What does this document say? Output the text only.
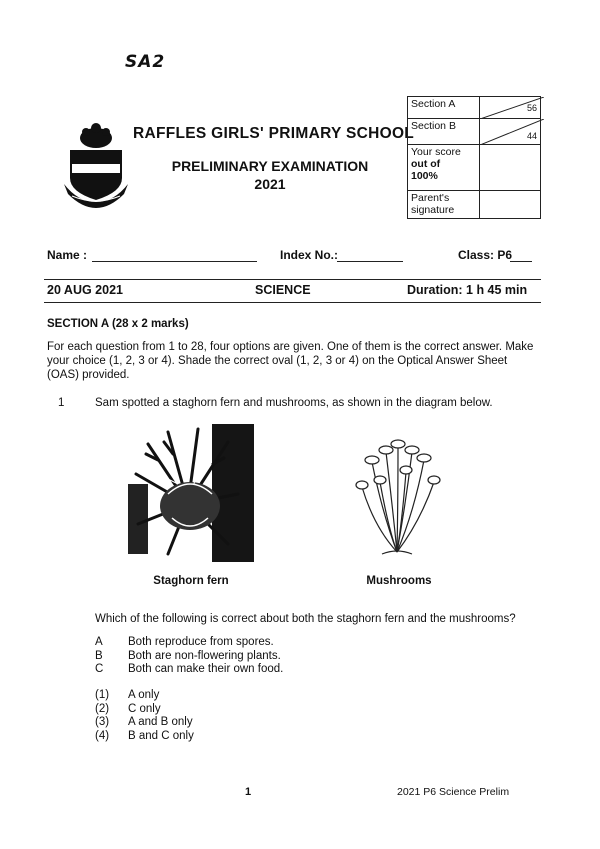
SA2
RAFFLES GIRLS' PRIMARY SCHOOL
PRELIMINARY EXAMINATION
2021
Section A	56

Section B	44

Your score
out of
100%	

Parent's
signature	

Name :	Index No.:	Class: P6
20 AUG 2021	SCIENCE	Duration: 1 h 45 min
SECTION A (28 x 2 marks)
For each question from 1 to 28, four options are given. One of them is the correct answer. Make your choice (1, 2, 3 or 4). Shade the correct oval (1, 2, 3 or 4) on the Optical Answer Sheet (OAS) provided.
1	Sam spotted a staghorn fern and mushrooms, as shown in the diagram below.
Staghorn fern	Mushrooms
Which of the following is correct about both the staghorn fern and the mushrooms?
A Both reproduce from spores.
B Both are non-flowering plants.
C Both can make their own food.
(1) A only
(2) C only
(3) A and B only
(4) B and C only
1	2021 P6 Science Prelim
